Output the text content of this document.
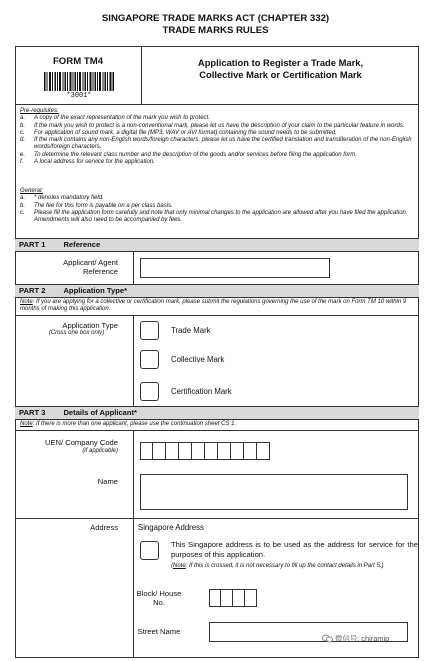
SINGAPORE TRADE MARKS ACT (CHAPTER 332)
TRADE MARKS RULES
FORM TM4
*3001*
Application to Register a Trade Mark,
Collective Mark or Certification Mark
Pre-requisites:
a.	A copy of the exact representation of the mark you wish to protect.
b.	If the mark you wish to protect is a non-conventional mark, please let us have the description of your claim to the particular feature in words.
c.	For application of sound mark, a digital file (MP3, WAV or AVI format) containing the sound needs to be submitted.
d.	If the mark contains any non-English words/foreign characters, please let us have the certified translation and transliteration of the non-English words/foreign characters.
e.	To determine the relevant class number and the description of the goods and/or services before filing the application form.
f.	A local address for service for the application.
General:
a.	* denotes mandatory field.
b.	The fee for this form is payable on a per class basis.
c.	Please fill the application form carefully and note that only minimal changes to the application are allowed after you have filed the application. Amendments will also need to be accompanied by fees.
PART 1 Reference
Applicant/ Agent
Reference
PART 2 Application Type*
Note: If you are applying for a collective or certification mark, please submit the regulations governing the use of the mark on Form TM 10 within 9 months of making this application.
Application Type
(Cross one box only)	Trade Mark
Collective Mark
Certification Mark
PART 3 Details of Applicant*
Note: If there is more than one applicant, please use the continuation sheet CS 1.
UEN/ Company Code
(if applicable)
Name
Address	Singapore Address
This Singapore address is to be used as the address for service for the purposes of this application.
(Note: If this is crossed, it is not necessary to fill up the contact details in Part 5.)
Block/ House
No.
Street Name
微信号: chiramip
